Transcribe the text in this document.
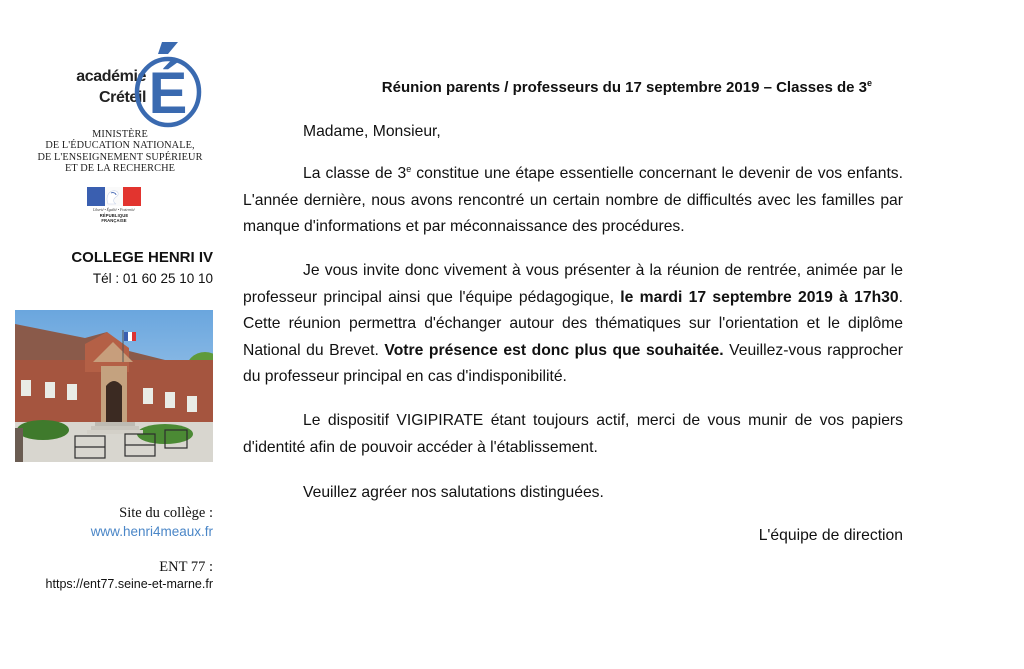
académie
Créteil É
MINISTÈRE
DE L'ÉDUCATION NATIONALE,
DE L'ENSEIGNEMENT SUPÉRIEUR
ET DE LA RECHERCHE
Liberté • Égalité • Fraternité
RÉPUBLIQUE FRANÇAISE
COLLEGE HENRI IV
Tél : 01 60 25 10 10
Site du collège :
www.henri4meaux.fr
ENT 77 :
https://ent77.seine-et-marne.fr
Réunion parents / professeurs du 17 septembre 2019 – Classes de 3e
Madame, Monsieur,

La classe de 3e constitue une étape essentielle concernant le devenir de vos enfants. L'année dernière, nous avons rencontré un certain nombre de difficultés avec les familles par manque d'informations et par méconnaissance des procédures.

Je vous invite donc vivement à vous présenter à la réunion de rentrée, animée par le professeur principal ainsi que l'équipe pédagogique, le mardi 17 septembre 2019 à 17h30. Cette réunion permettra d'échanger autour des thématiques sur l'orientation et le diplôme National du Brevet. Votre présence est donc plus que souhaitée. Veuillez-vous rapprocher du professeur principal en cas d'indisponibilité.

Le dispositif VIGIPIRATE étant toujours actif, merci de vous munir de vos papiers d'identité afin de pouvoir accéder à l'établissement.

Veuillez agréer nos salutations distinguées.
L'équipe de direction
